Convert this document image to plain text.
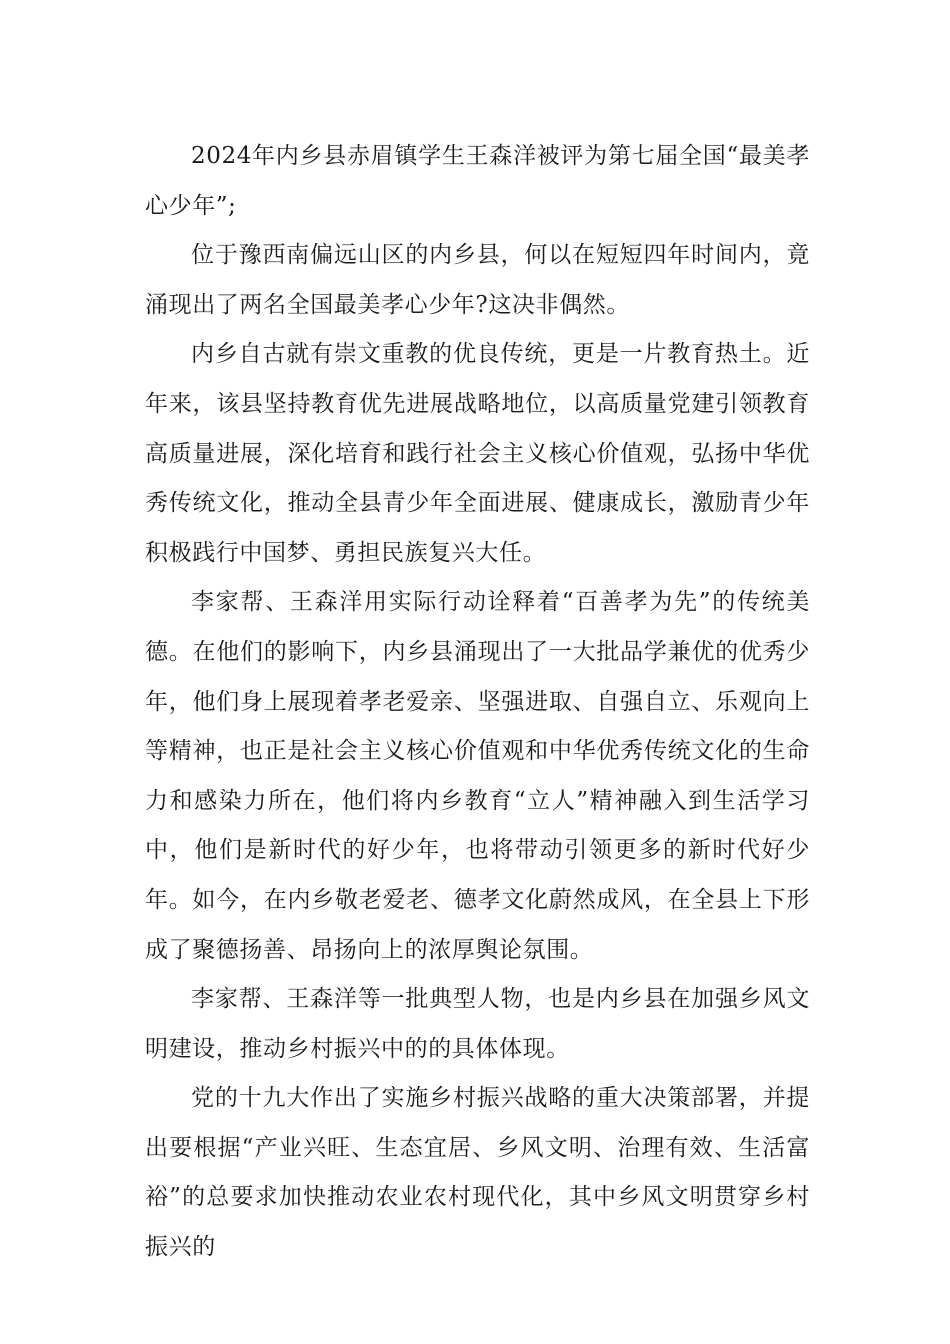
2024年内乡县赤眉镇学生王森洋被评为第七届全国“最美孝心少年”;

位于豫西南偏远山区的内乡县，何以在短短四年时间内，竟涌现出了两名全国最美孝心少年?这决非偶然。

内乡自古就有崇文重教的优良传统，更是一片教育热土。近年来，该县坚持教育优先进展战略地位，以高质量党建引领教育高质量进展，深化培育和践行社会主义核心价值观，弘扬中华优秀传统文化，推动全县青少年全面进展、健康成长，激励青少年积极践行中国梦、勇担民族复兴大任。

李家帮、王森洋用实际行动诠释着“百善孝为先”的传统美德。在他们的影响下，内乡县涌现出了一大批品学兼优的优秀少年，他们身上展现着孝老爱亲、坚强进取、自强自立、乐观向上等精神，也正是社会主义核心价值观和中华优秀传统文化的生命力和感染力所在，他们将内乡教育“立人”精神融入到生活学习中，他们是新时代的好少年，也将带动引领更多的新时代好少年。如今，在内乡敬老爱老、德孝文化蔚然成风，在全县上下形成了聚德扬善、昂扬向上的浓厚舆论氛围。

李家帮、王森洋等一批典型人物，也是内乡县在加强乡风文明建设，推动乡村振兴中的的具体体现。

党的十九大作出了实施乡村振兴战略的重大决策部署，并提出要根据“产业兴旺、生态宜居、乡风文明、治理有效、生活富裕”的总要求加快推动农业农村现代化，其中乡风文明贯穿乡村振兴的
